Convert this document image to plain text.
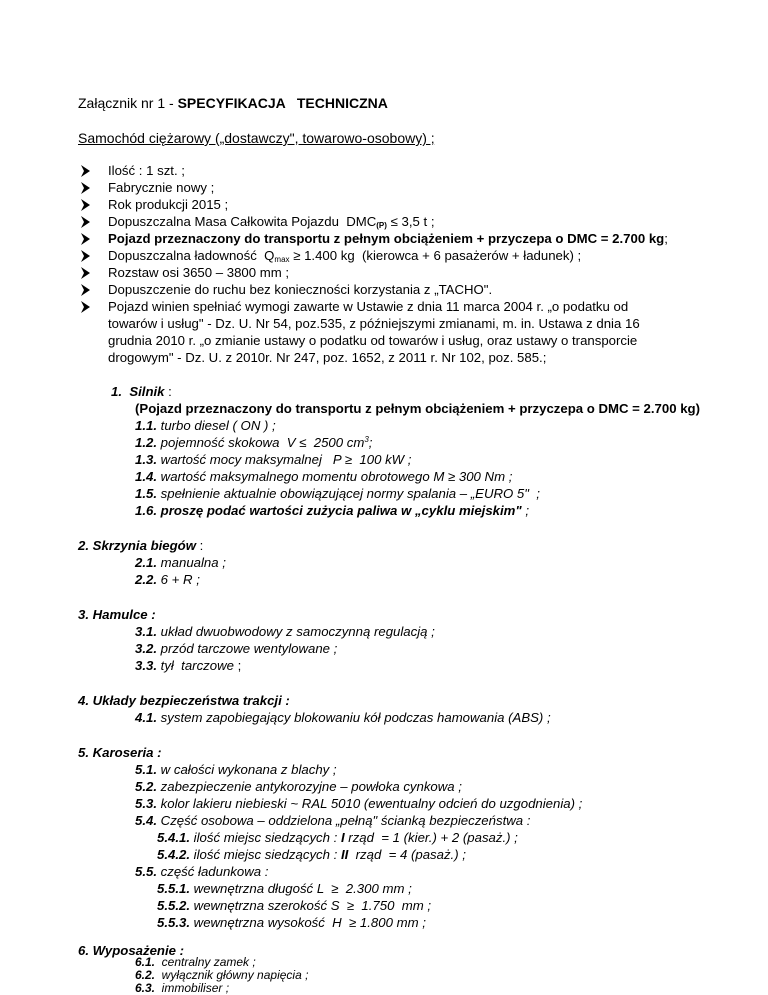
Załącznik nr 1 - SPECYFIKACJA   TECHNICZNA
Samochód ciężarowy („dostawczy", towarowo-osobowy) ;
Ilość : 1 szt. ;
Fabrycznie nowy ;
Rok produkcji 2015 ;
Dopuszczalna Masa Całkowita Pojazdu  $DMC_{(P)} \le 3,5$ t ;
Pojazd przeznaczony do transportu z pełnym obciążeniem + przyczepa o DMC = 2.700 kg;
Dopuszczalna ładowność  $Q_{max} \ge 1.400$ kg  (kierowca + 6 pasażerów + ładunek) ;
Rozstaw osi 3650 – 3800 mm ;
Dopuszczenie do ruchu bez konieczności korzystania z „TACHO".
Pojazd winien spełniać wymogi zawarte w Ustawie z dnia 11 marca 2004 r. „o podatku od
towarów i usług" - Dz. U. Nr 54, poz.535, z późniejszymi zmianami, m. in. Ustawa z dnia 16
grudnia 2010 r. „o zmianie ustawy o podatku od towarów i usług, oraz ustawy o transporcie
drogowym" - Dz. U. z 2010r. Nr 247, poz. 1652, z 2011 r. Nr 102, poz. 585.;
1. Silnik :
(Pojazd przeznaczony do transportu z pełnym obciążeniem + przyczepa o DMC = 2.700 kg)
1.1. turbo diesel ( ON ) ;
1.2. pojemność skokowa  V ≤  2500 $cm^3$;
1.3. wartość mocy maksymalnej   P ≥  100 kW ;
1.4. wartość maksymalnego momentu obrotowego M ≥ 300 Nm ;
1.5. spełnienie aktualnie obowiązującej normy spalania – „EURO 5"  ;
1.6. proszę podać wartości zużycia paliwa w „cyklu miejskim" ;
2. Skrzynia biegów :
2.1. manualna ;
2.2. 6 + R ;
3. Hamulce :
3.1. układ dwuobwodowy z samoczynną regulacją ;
3.2. przód tarczowe wentylowane ;
3.3. tył  tarczowe ;
4. Układy bezpieczeństwa trakcji :
4.1. system zapobiegający blokowaniu kół podczas hamowania (ABS) ;
5. Karoseria :
5.1. w całości wykonana z blachy ;
5.2. zabezpieczenie antykorozyjne – powłoka cynkowa ;
5.3. kolor lakieru niebieski ~ RAL 5010 (ewentualny odcień do uzgodnienia) ;
5.4. Część osobowa – oddzielona „pełną" ścianką bezpieczeństwa :
5.4.1. ilość miejsc siedzących : I rząd  = 1 (kier.) + 2 (pasaż.) ;
5.4.2. ilość miejsc siedzących : II  rząd  = 4 (pasaż.) ;
5.5. część ładunkowa :
5.5.1. wewnętrzna długość L  ≥  2.300 mm ;
5.5.2. wewnętrzna szerokość S  ≥  1.750  mm ;
5.5.3. wewnętrzna wysokość  H  ≥ 1.800 mm ;
6. Wyposażenie :
6.1.  centralny zamek ;
6.2.  wyłącznik główny napięcia ;
6.3.  immobiliser ;
